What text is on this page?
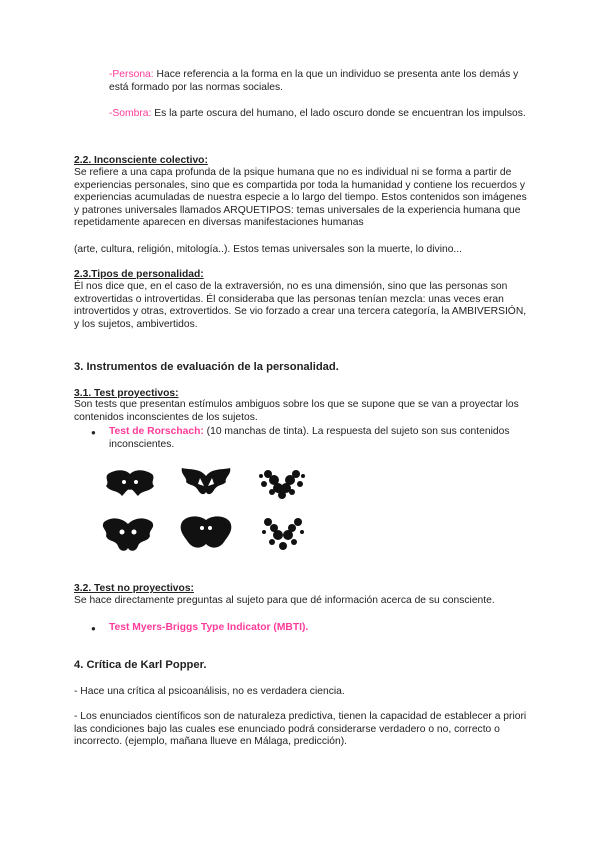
-Persona: Hace referencia a la forma en la que un individuo se presenta ante los demás y está formado por las normas sociales.

-Sombra: Es la parte oscura del humano, el lado oscuro donde se encuentran los impulsos.

2.2. Inconsciente colectivo:

Se refiere a una capa profunda de la psique humana que no es individual ni se forma a partir de experiencias personales, sino que es compartida por toda la humanidad y contiene los recuerdos y experiencias acumuladas de nuestra especie a lo largo del tiempo. Estos contenidos son imágenes y patrones universales llamados ARQUETIPOS: temas universales de la experiencia humana que repetidamente aparecen en diversas manifestaciones humanas

(arte, cultura, religión, mitología..). Estos temas universales son la muerte, lo divino...

2.3.Tipos de personalidad:

Él nos dice que, en el caso de la extraversión, no es una dimensión, sino que las personas son extrovertidas o introvertidas. Él consideraba que las personas tenían mezcla: unas veces eran introvertidos y otras, extrovertidos. Se vio forzado a crear una tercera categoría, la AMBIVERSIÓN, y los sujetos, ambivertidos.

3. Instrumentos de evaluación de la personalidad.

3.1. Test proyectivos:

Son tests que presentan estímulos ambiguos sobre los que se supone que se van a proyectar los contenidos inconscientes de los sujetos.

● Test de Rorschach: (10 manchas de tinta). La respuesta del sujeto son sus contenidos inconscientes.

3.2. Test no proyectivos:

Se hace directamente preguntas al sujeto para que dé información acerca de su consciente.

● Test Myers-Briggs Type Indicator (MBTI).

4. Crítica de Karl Popper.

- Hace una crítica al psicoanálisis, no es verdadera ciencia.

- Los enunciados científicos son de naturaleza predictiva, tienen la capacidad de establecer a priori las condiciones bajo las cuales ese enunciado podrá considerarse verdadero o no, correcto o incorrecto. (ejemplo, mañana llueve en Málaga, predicción).
